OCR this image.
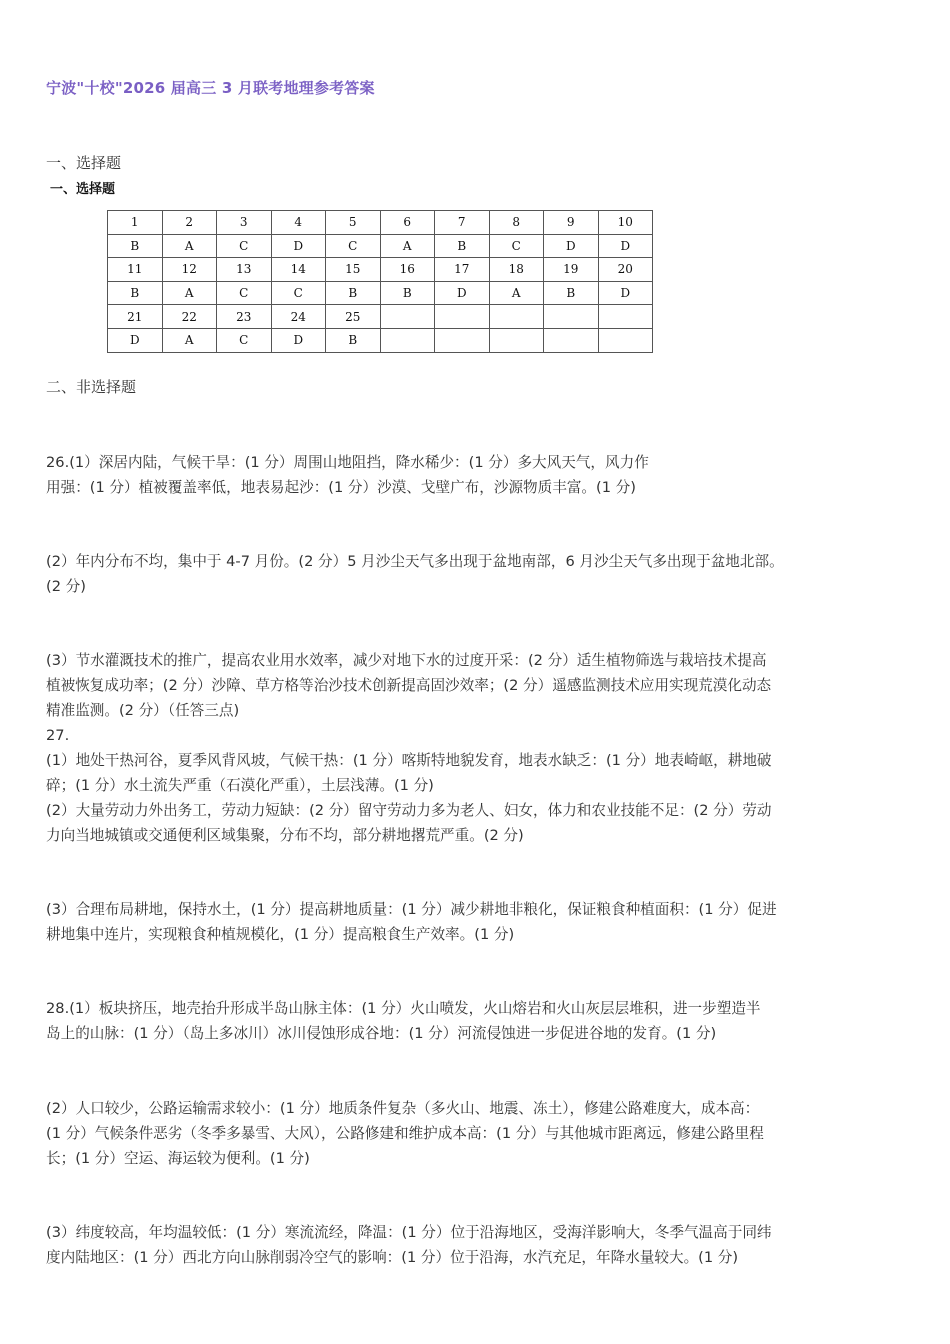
宁波"十校"2026 届高三 3 月联考地理参考答案
一、选择题
一、选择题
1	2	3	4	5	6	7	8	9	10
B	A	C	D	C	A	B	C	D	D
11	12	13	14	15	16	17	18	19	20
B	A	C	C	B	B	D	A	B	D
21	22	23	24	25					
D	A	C	D	B					
二、非选择题
26.(1）深居内陆，气候干旱：(1 分）周围山地阻挡，降水稀少：(1 分）多大风天气，风力作
用强：(1 分）植被覆盖率低，地表易起沙：(1 分）沙漠、戈壁广布，沙源物质丰富。(1 分)
(2）年内分布不均，集中于 4-7 月份。(2 分）5 月沙尘天气多出现于盆地南部，6 月沙尘天气多出现于盆地北部。
(2 分)
(3）节水灌溉技术的推广，提高农业用水效率，减少对地下水的过度开采：(2 分）适生植物筛选与栽培技术提高
植被恢复成功率；(2 分）沙障、草方格等治沙技术创新提高固沙效率；(2 分）遥感监测技术应用实现荒漠化动态
精准监测。(2 分）（任答三点)
27.
(1）地处干热河谷，夏季风背风坡，气候干热：(1 分）喀斯特地貌发育，地表水缺乏：(1 分）地表崎岖，耕地破
碎；(1 分）水土流失严重（石漠化严重），土层浅薄。(1 分)
(2）大量劳动力外出务工，劳动力短缺：(2 分）留守劳动力多为老人、妇女，体力和农业技能不足：(2 分）劳动
力向当地城镇或交通便利区域集聚，分布不均，部分耕地撂荒严重。(2 分)
(3）合理布局耕地，保持水土，(1 分）提高耕地质量：(1 分）减少耕地非粮化，保证粮食种植面积：(1 分）促进
耕地集中连片，实现粮食种植规模化，(1 分）提高粮食生产效率。(1 分)
28.(1）板块挤压，地壳抬升形成半岛山脉主体：(1 分）火山喷发，火山熔岩和火山灰层层堆积，进一步塑造半
岛上的山脉：(1 分）（岛上多冰川）冰川侵蚀形成谷地：(1 分）河流侵蚀进一步促进谷地的发育。(1 分)
(2）人口较少，公路运输需求较小：(1 分）地质条件复杂（多火山、地震、冻土），修建公路难度大，成本高：
(1 分）气候条件恶劣（冬季多暴雪、大风），公路修建和维护成本高：(1 分）与其他城市距离远，修建公路里程
长；(1 分）空运、海运较为便利。(1 分)
(3）纬度较高，年均温较低：(1 分）寒流流经，降温：(1 分）位于沿海地区，受海洋影响大，冬季气温高于同纬
度内陆地区：(1 分）西北方向山脉削弱冷空气的影响：(1 分）位于沿海，水汽充足，年降水量较大。(1 分)
